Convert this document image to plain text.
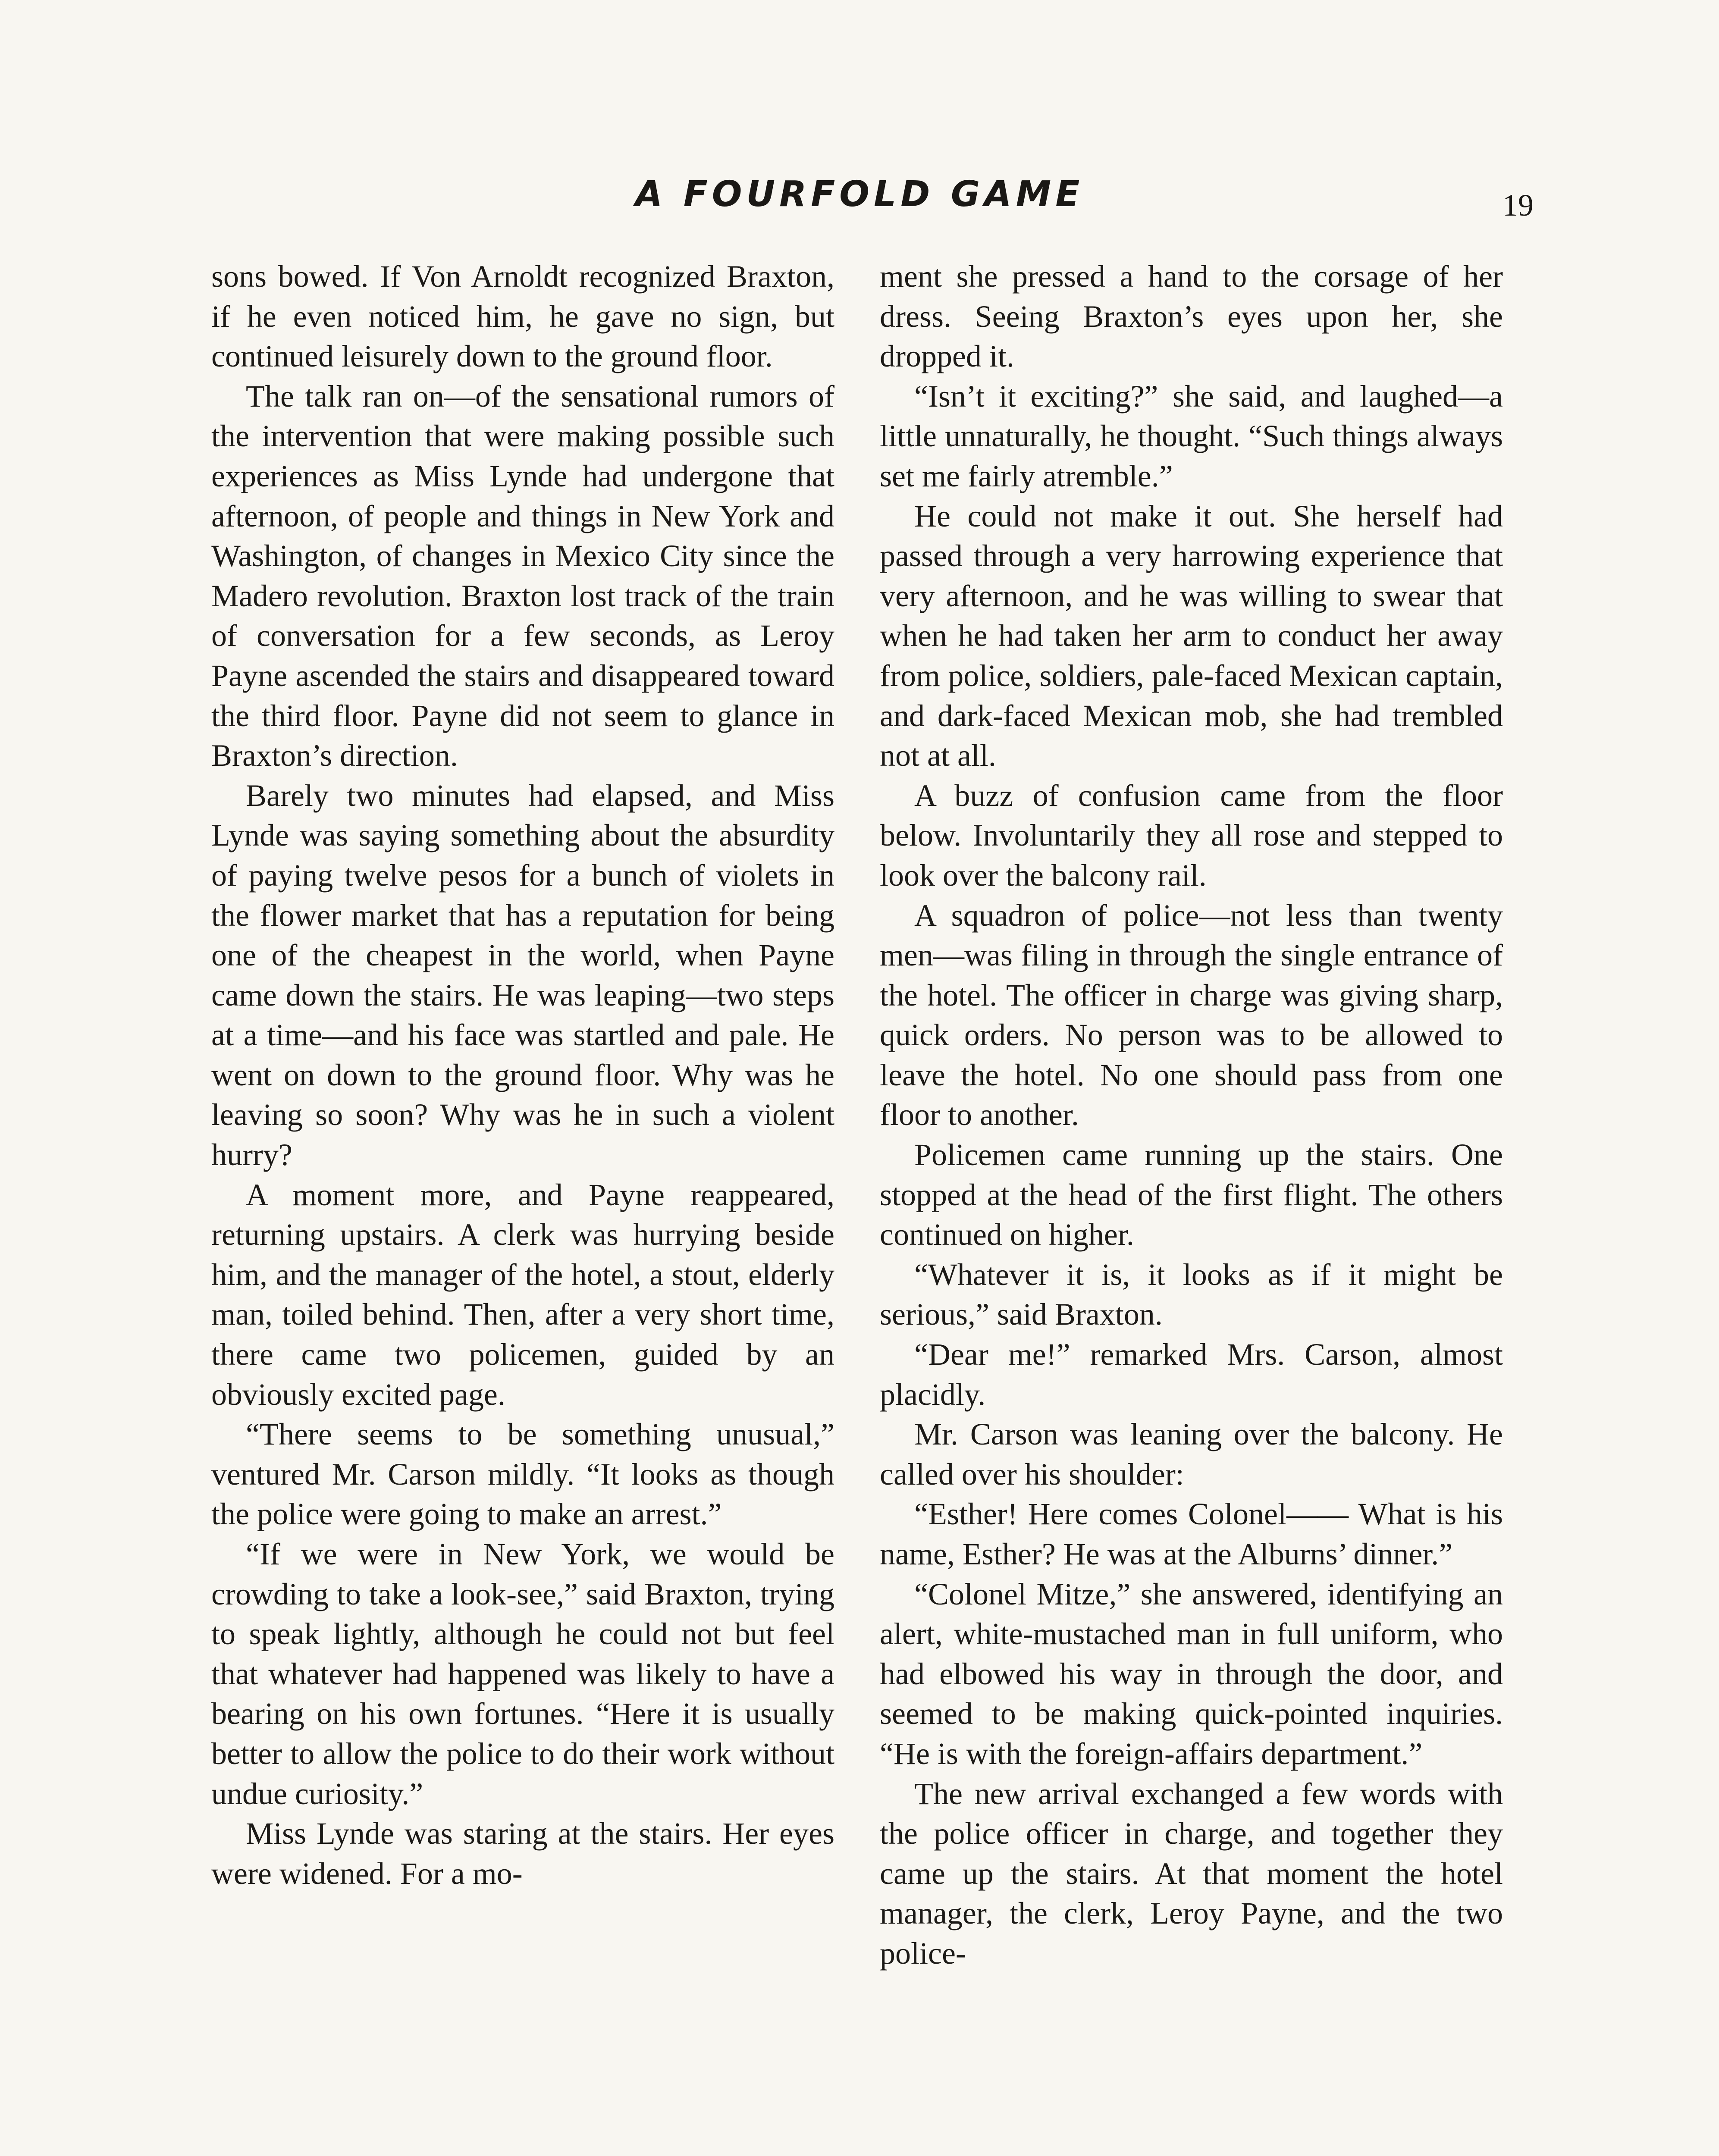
A FOURFOLD GAME	19

sons bowed. If Von Arnoldt recognized Braxton, if he even noticed him, he gave no sign, but continued leisurely down to the ground floor.

The talk ran on—of the sensational rumors of the intervention that were making possible such experiences as Miss Lynde had undergone that afternoon, of people and things in New York and Washington, of changes in Mexico City since the Madero revolution. Braxton lost track of the train of conversation for a few seconds, as Leroy Payne ascended the stairs and disappeared toward the third floor. Payne did not seem to glance in Braxton’s direction.

Barely two minutes had elapsed, and Miss Lynde was saying something about the absurdity of paying twelve pesos for a bunch of violets in the flower market that has a reputation for being one of the cheapest in the world, when Payne came down the stairs. He was leaping—two steps at a time—and his face was startled and pale. He went on down to the ground floor. Why was he leaving so soon? Why was he in such a violent hurry?

A moment more, and Payne reappeared, returning upstairs. A clerk was hurrying beside him, and the manager of the hotel, a stout, elderly man, toiled behind. Then, after a very short time, there came two policemen, guided by an obviously excited page.

“There seems to be something unusual,” ventured Mr. Carson mildly. “It looks as though the police were going to make an arrest.”

“If we were in New York, we would be crowding to take a look-see,” said Braxton, trying to speak lightly, although he could not but feel that whatever had happened was likely to have a bearing on his own fortunes. “Here it is usually better to allow the police to do their work without undue curiosity.”

Miss Lynde was staring at the stairs. Her eyes were widened. For a mo-

ment she pressed a hand to the corsage of her dress. Seeing Braxton’s eyes upon her, she dropped it.

“Isn’t it exciting?” she said, and laughed—a little unnaturally, he thought. “Such things always set me fairly atremble.”

He could not make it out. She herself had passed through a very harrowing experience that very afternoon, and he was willing to swear that when he had taken her arm to conduct her away from police, soldiers, pale-faced Mexican captain, and dark-faced Mexican mob, she had trembled not at all.

A buzz of confusion came from the floor below. Involuntarily they all rose and stepped to look over the balcony rail.

A squadron of police—not less than twenty men—was filing in through the single entrance of the hotel. The officer in charge was giving sharp, quick orders. No person was to be allowed to leave the hotel. No one should pass from one floor to another.

Policemen came running up the stairs. One stopped at the head of the first flight. The others continued on higher.

“Whatever it is, it looks as if it might be serious,” said Braxton.

“Dear me!” remarked Mrs. Carson, almost placidly.

Mr. Carson was leaning over the balcony. He called over his shoulder:

“Esther! Here comes Colonel—— What is his name, Esther? He was at the Alburns’ dinner.”

“Colonel Mitze,” she answered, identifying an alert, white-mustached man in full uniform, who had elbowed his way in through the door, and seemed to be making quick-pointed inquiries. “He is with the foreign-affairs department.”

The new arrival exchanged a few words with the police officer in charge, and together they came up the stairs. At that moment the hotel manager, the clerk, Leroy Payne, and the two police-
